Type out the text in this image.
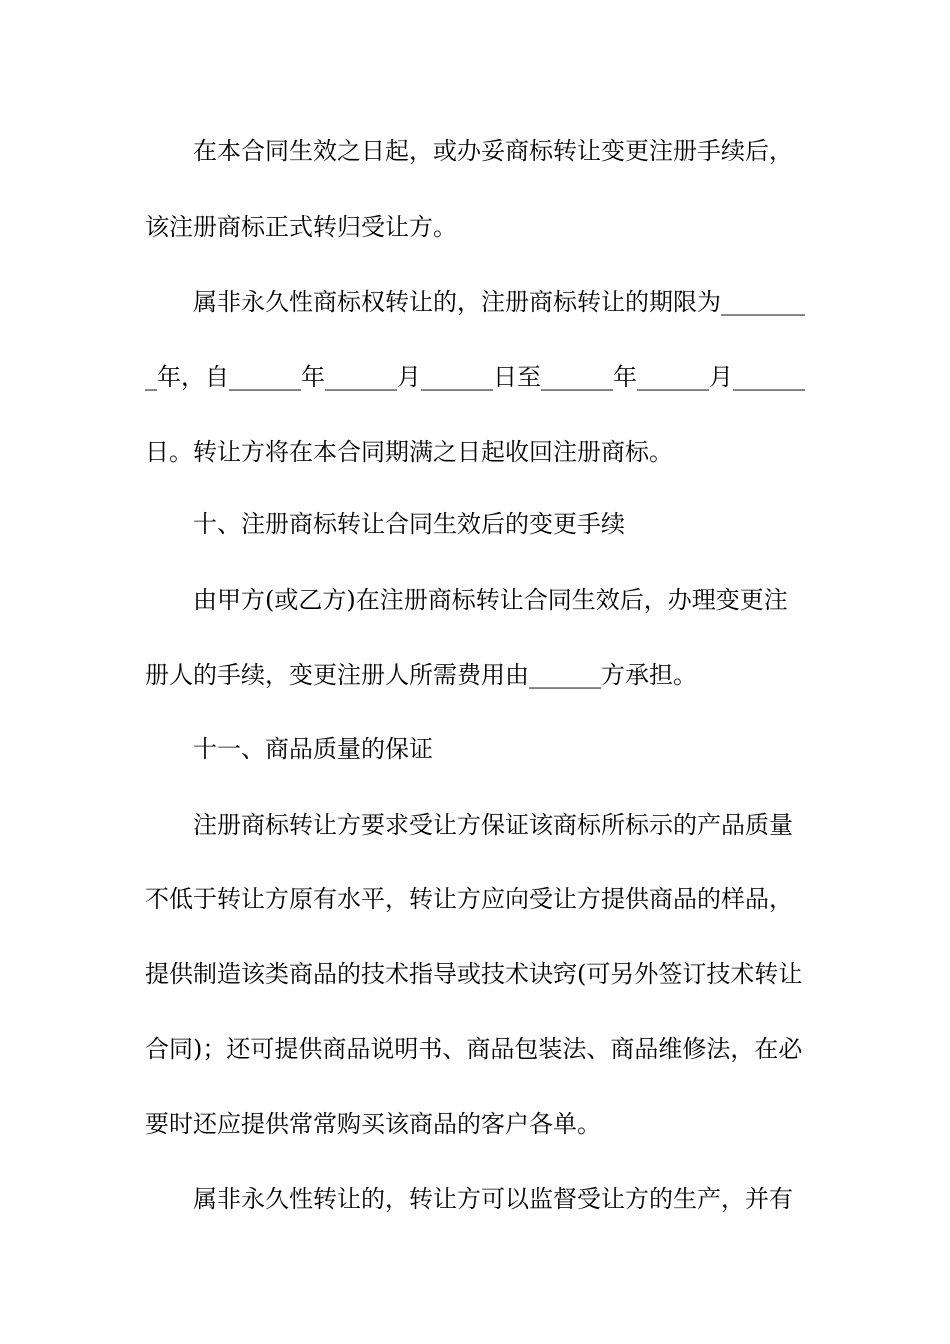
在本合同生效之日起，或办妥商标转让变更注册手续后，
该注册商标正式转归受让方。
属非永久性商标权转让的，注册商标转让的期限为_______
_年，自______年______月______日至______年______月______
日。转让方将在本合同期满之日起收回注册商标。
十、注册商标转让合同生效后的变更手续
由甲方(或乙方)在注册商标转让合同生效后，办理变更注
册人的手续，变更注册人所需费用由______方承担。
十一、商品质量的保证
注册商标转让方要求受让方保证该商标所标示的产品质量
不低于转让方原有水平，转让方应向受让方提供商品的样品，
提供制造该类商品的技术指导或技术诀窍(可另外签订技术转让
合同)；还可提供商品说明书、商品包装法、商品维修法，在必
要时还应提供常常购买该商品的客户各单。
属非永久性转让的，转让方可以监督受让方的生产，并有
